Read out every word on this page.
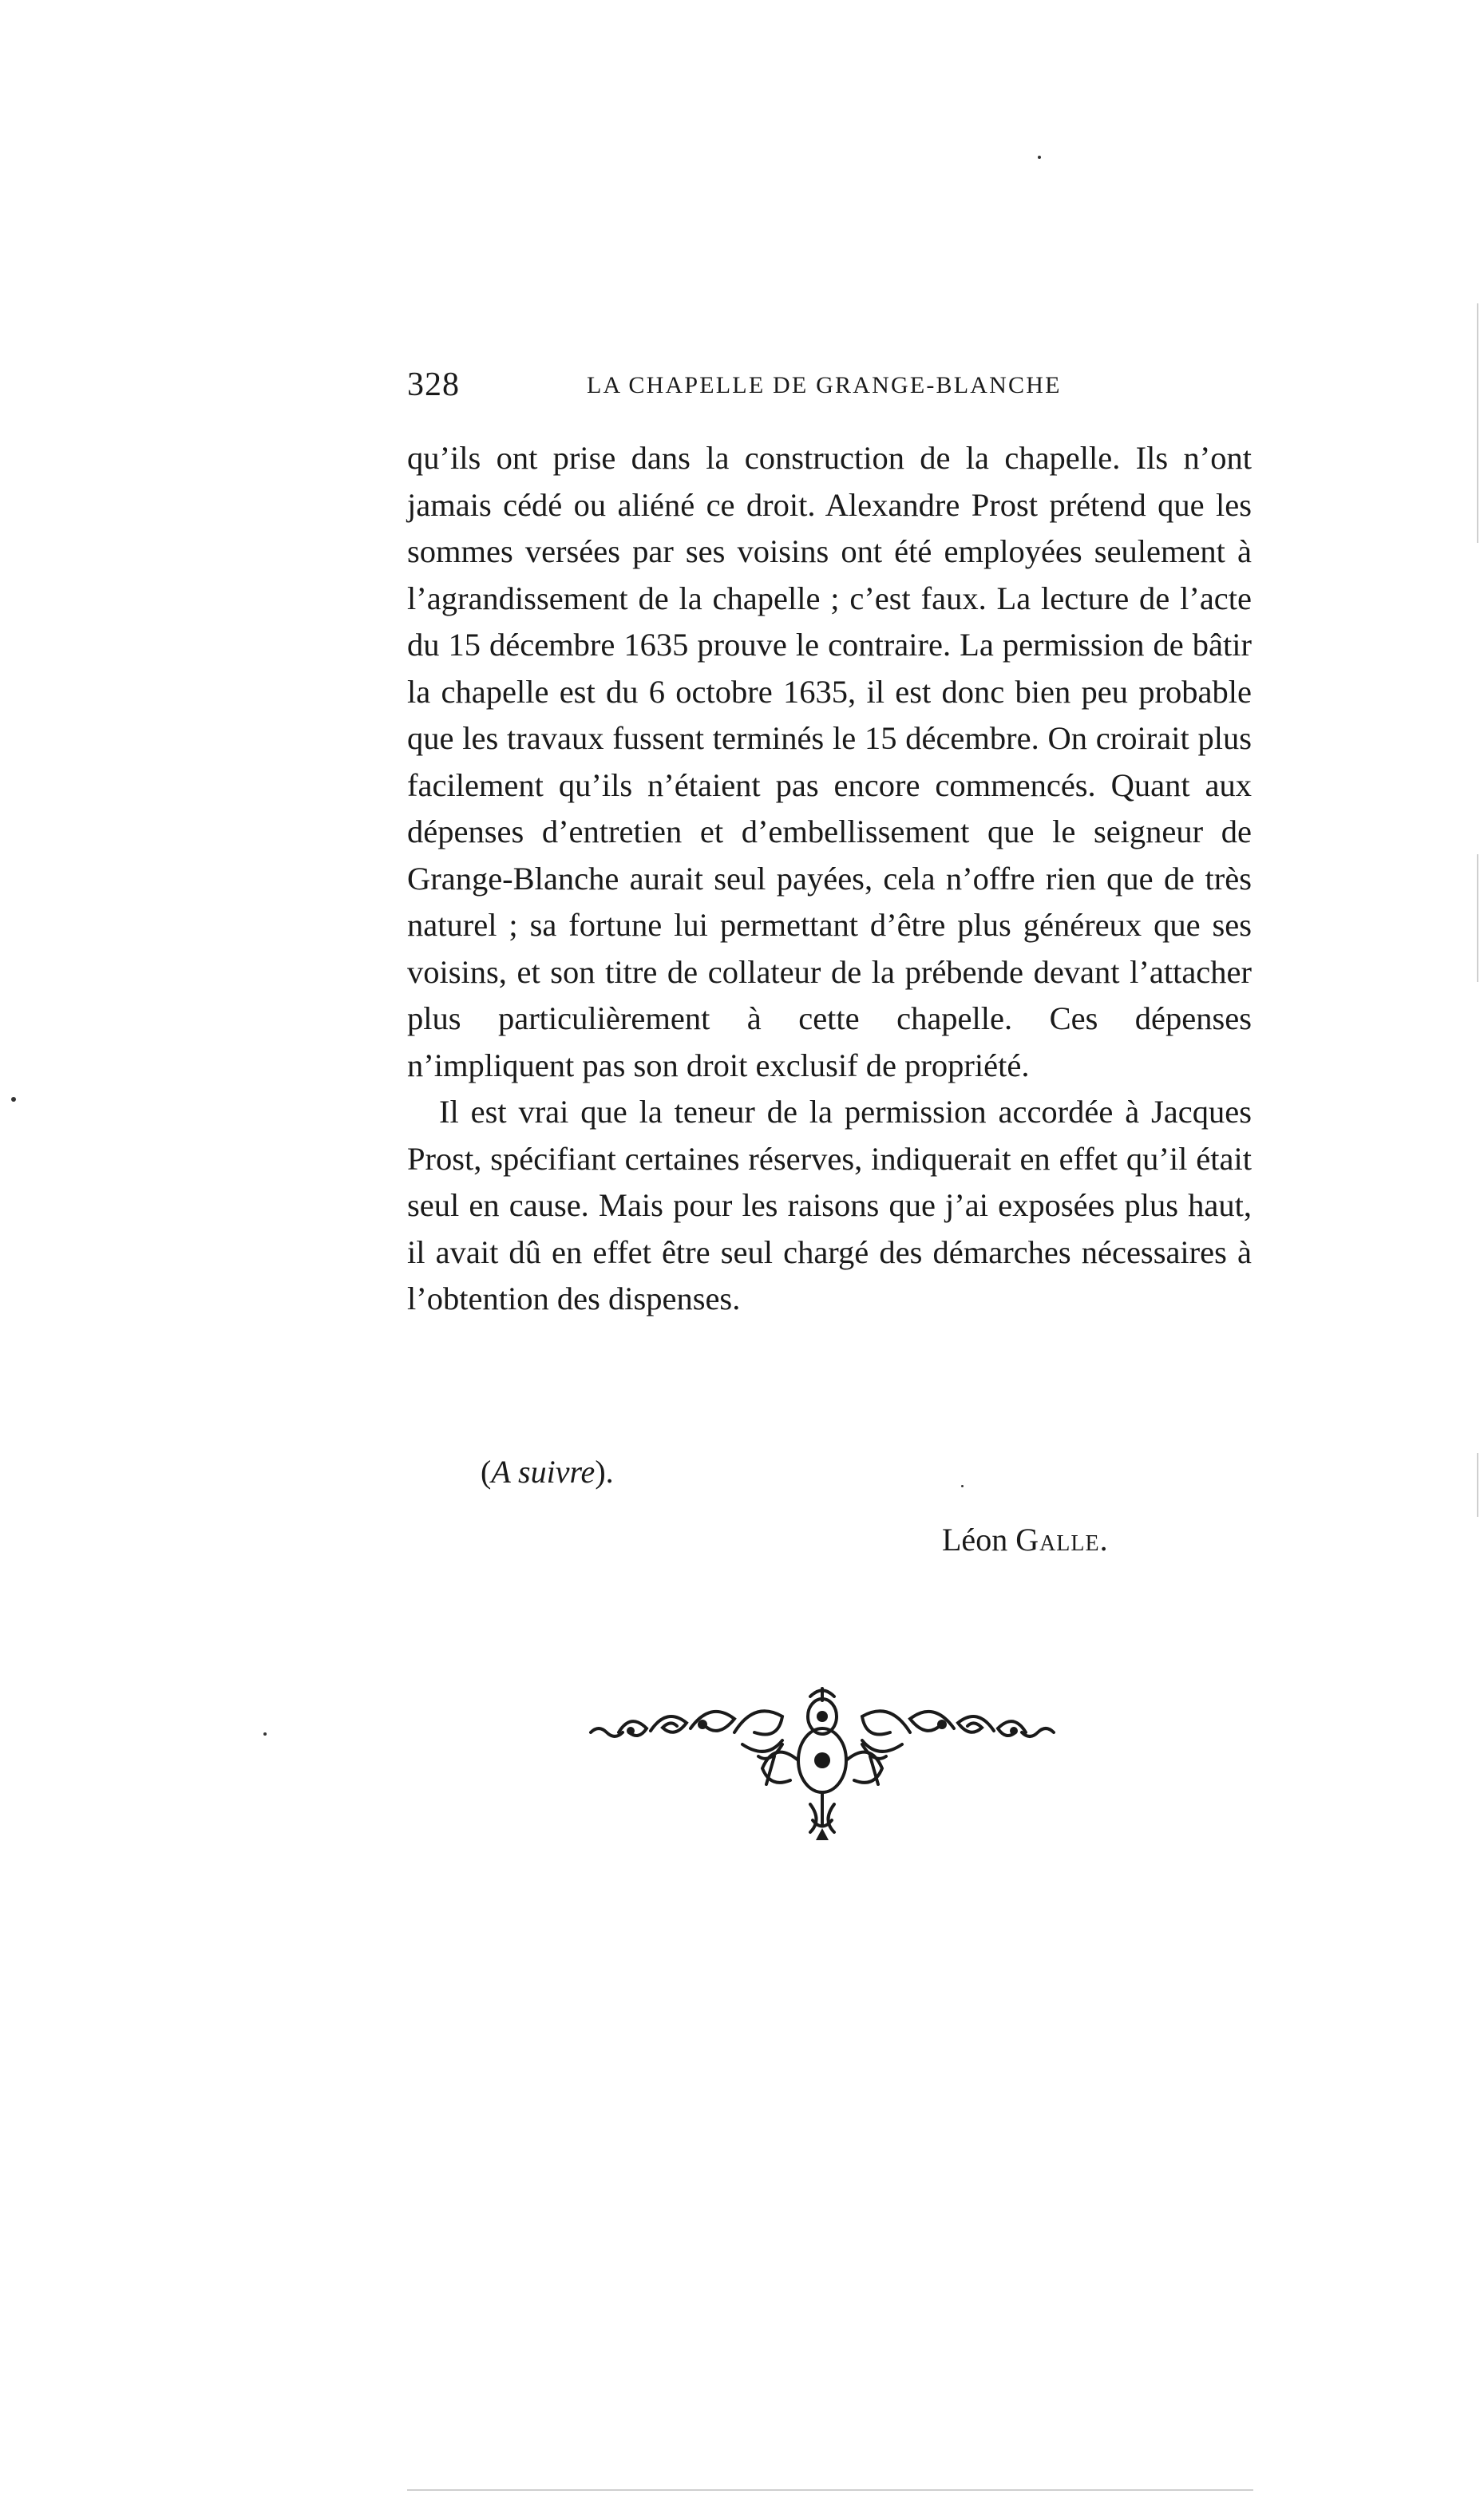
328	LA CHAPELLE DE GRANGE-BLANCHE

qu’ils ont prise dans la construction de la chapelle. Ils n’ont jamais cédé ou aliéné ce droit. Alexandre Prost prétend que les sommes versées par ses voisins ont été employées seulement à l’agrandissement de la chapelle ; c’est faux. La lecture de l’acte du 15 décembre 1635 prouve le contraire. La permission de bâtir la chapelle est du 6 octobre 1635, il est donc bien peu probable que les travaux fussent terminés le 15 décembre. On croirait plus facilement qu’ils n’étaient pas encore commencés. Quant aux dépenses d’entretien et d’embellissement que le seigneur de Grange-Blanche aurait seul payées, cela n’offre rien que de très naturel ; sa fortune lui permettant d’être plus généreux que ses voisins, et son titre de collateur de la prébende devant l’attacher plus particulièrement à cette chapelle. Ces dépenses n’impliquent pas son droit exclusif de propriété.

Il est vrai que la teneur de la permission accordée à Jacques Prost, spécifiant certaines réserves, indiquerait en effet qu’il était seul en cause. Mais pour les raisons que j’ai exposées plus haut, il avait dû en effet être seul chargé des démarches nécessaires à l’obtention des dispenses.

(A suivre).
Léon Galle.
